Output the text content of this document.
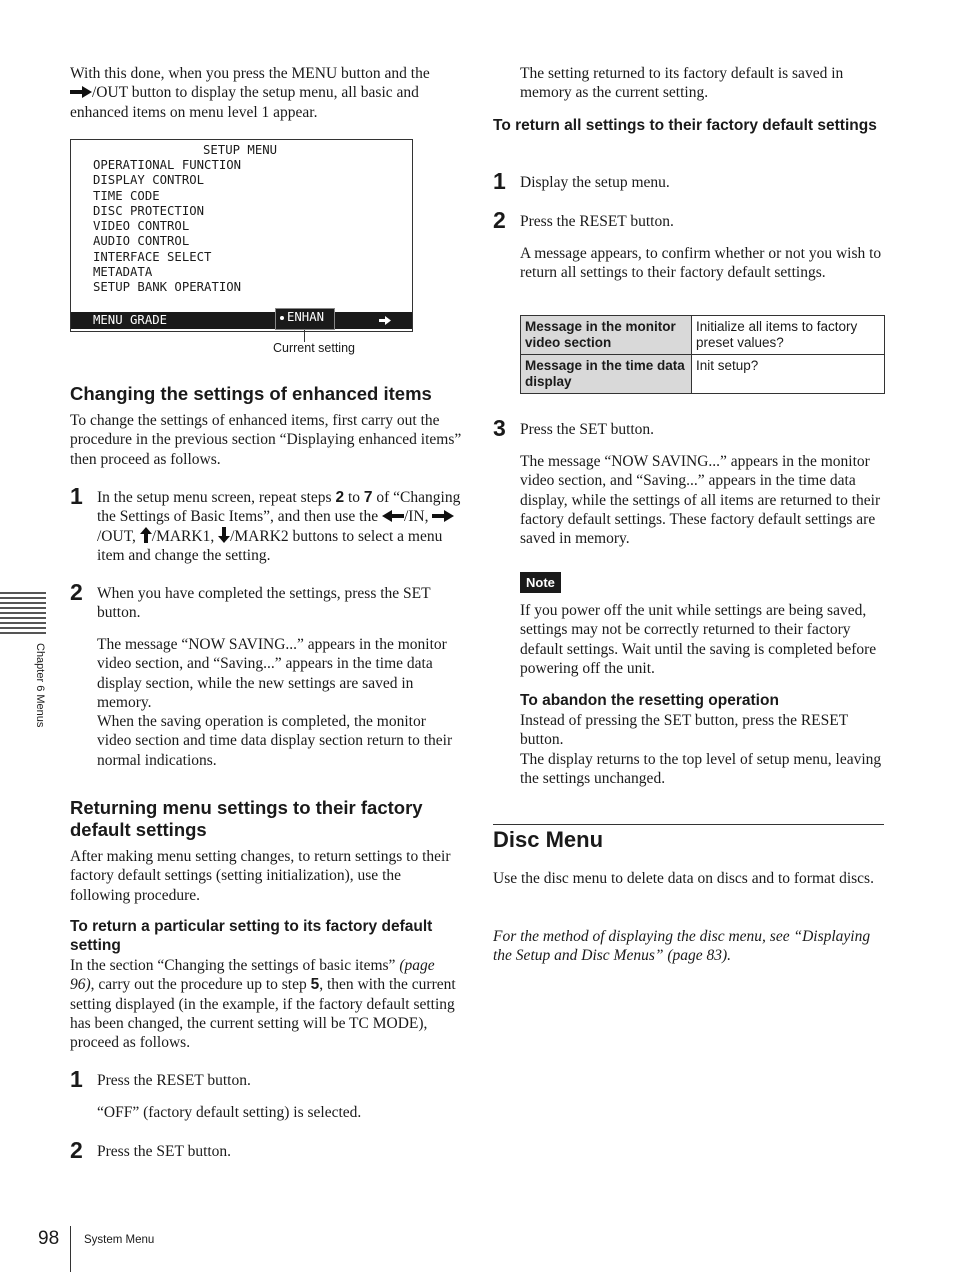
With this done, when you press the MENU button and the
/OUT button to display the setup menu, all basic and enhanced items on menu level 1 appear.
SETUP MENU
OPERATIONAL FUNCTION
DISPLAY CONTROL
TIME CODE
DISC PROTECTION
VIDEO CONTROL
AUDIO CONTROL
INTERFACE SELECT
METADATA
SETUP BANK OPERATION
MENU GRADE	ENHAN
Current setting
Changing the settings of enhanced items
To change the settings of enhanced items, first carry out the procedure in the previous section “Displaying enhanced items” then proceed as follows.
1 In the setup menu screen, repeat steps 2 to 7 of “Changing the Settings of Basic Items”, and then use the /IN, /OUT, /MARK1, /MARK2 buttons to select a menu item and change the setting.
2 When you have completed the settings, press the SET button.

The message “NOW SAVING...” appears in the monitor video section, and “Saving...” appears in the time data display section, while the new settings are saved in memory.

When the saving operation is completed, the monitor video section and time data display section return to their normal indications.

Returning menu settings to their factory default settings
After making menu setting changes, to return settings to their factory default settings (setting initialization), use the following procedure.
To return a particular setting to its factory default setting
In the section “Changing the settings of basic items” (page 96), carry out the procedure up to step 5, then with the current setting displayed (in the example, if the factory default setting has been changed, the current setting will be TC MODE), proceed as follows.
1 Press the RESET button.
“OFF” (factory default setting) is selected.
2 Press the SET button.
The setting returned to its factory default is saved in memory as the current setting.
To return all settings to their factory default settings
1 Display the setup menu.
2 Press the RESET button.
A message appears, to confirm whether or not you wish to return all settings to their factory default settings.
Message in the monitor video section	Initialize all items to factory preset values?
Message in the time data display	Init setup?
3 Press the SET button.
The message “NOW SAVING...” appears in the monitor video section, and “Saving...” appears in the time data display, while the settings of all items are returned to their factory default settings. These factory default settings are saved in memory.
Note
If you power off the unit while settings are being saved, settings may not be correctly returned to their factory default settings. Wait until the saving is completed before powering off the unit.
To abandon the resetting operation

Instead of pressing the SET button, press the RESET button.

The display returns to the top level of setup menu, leaving the settings unchanged.

Disc Menu
Use the disc menu to delete data on discs and to format discs.
For the method of displaying the disc menu, see “Displaying the Setup and Disc Menus” (page 83).
Chapter 6 Menus
98 System Menu
